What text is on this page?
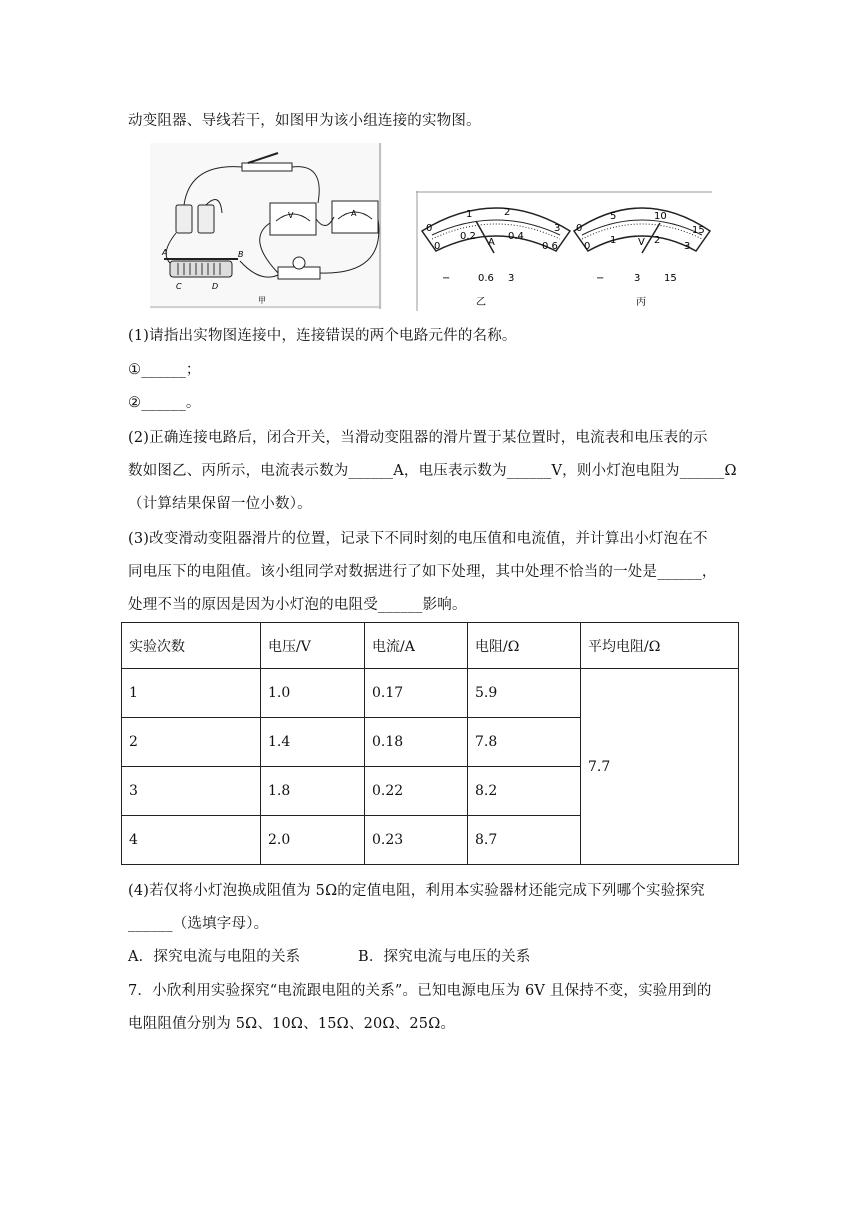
动变阻器、导线若干，如图甲为该小组连接的实物图。
V	A
A	B
C	D
甲
0
1	2
3
0
0.2	0.4
0.6
A
−	0.6 3
乙
0
5	10
15
0
1	2
3
V
−	3 15
丙
(1)请指出实物图连接中，连接错误的两个电路元件的名称。
①______；
②______。
(2)正确连接电路后，闭合开关，当滑动变阻器的滑片置于某位置时，电流表和电压表的示
数如图乙、丙所示，电流表示数为______A，电压表示数为______V，则小灯泡电阻为______Ω
（计算结果保留一位小数）。
(3)改变滑动变阻器滑片的位置，记录下不同时刻的电压值和电流值，并计算出小灯泡在不
同电压下的电阻值。该小组同学对数据进行了如下处理，其中处理不恰当的一处是______，
处理不当的原因是因为小灯泡的电阻受______影响。
实验次数	电压/V	电流/A	电阻/Ω	平均电阻/Ω
1	1.0	0.17	5.9	7.7
2	1.4	0.18	7.8	
3	1.8	0.22	8.2	
4	2.0	0.23	8.7	
(4)若仅将小灯泡换成阻值为 5Ω的定值电阻，利用本实验器材还能完成下列哪个实验探究
______（选填字母）。
A．探究电流与电阻的关系	B．探究电流与电压的关系
7．小欣利用实验探究“电流跟电阻的关系”。已知电源电压为 6V 且保持不变，实验用到的
电阻阻值分别为 5Ω、10Ω、15Ω、20Ω、25Ω。
